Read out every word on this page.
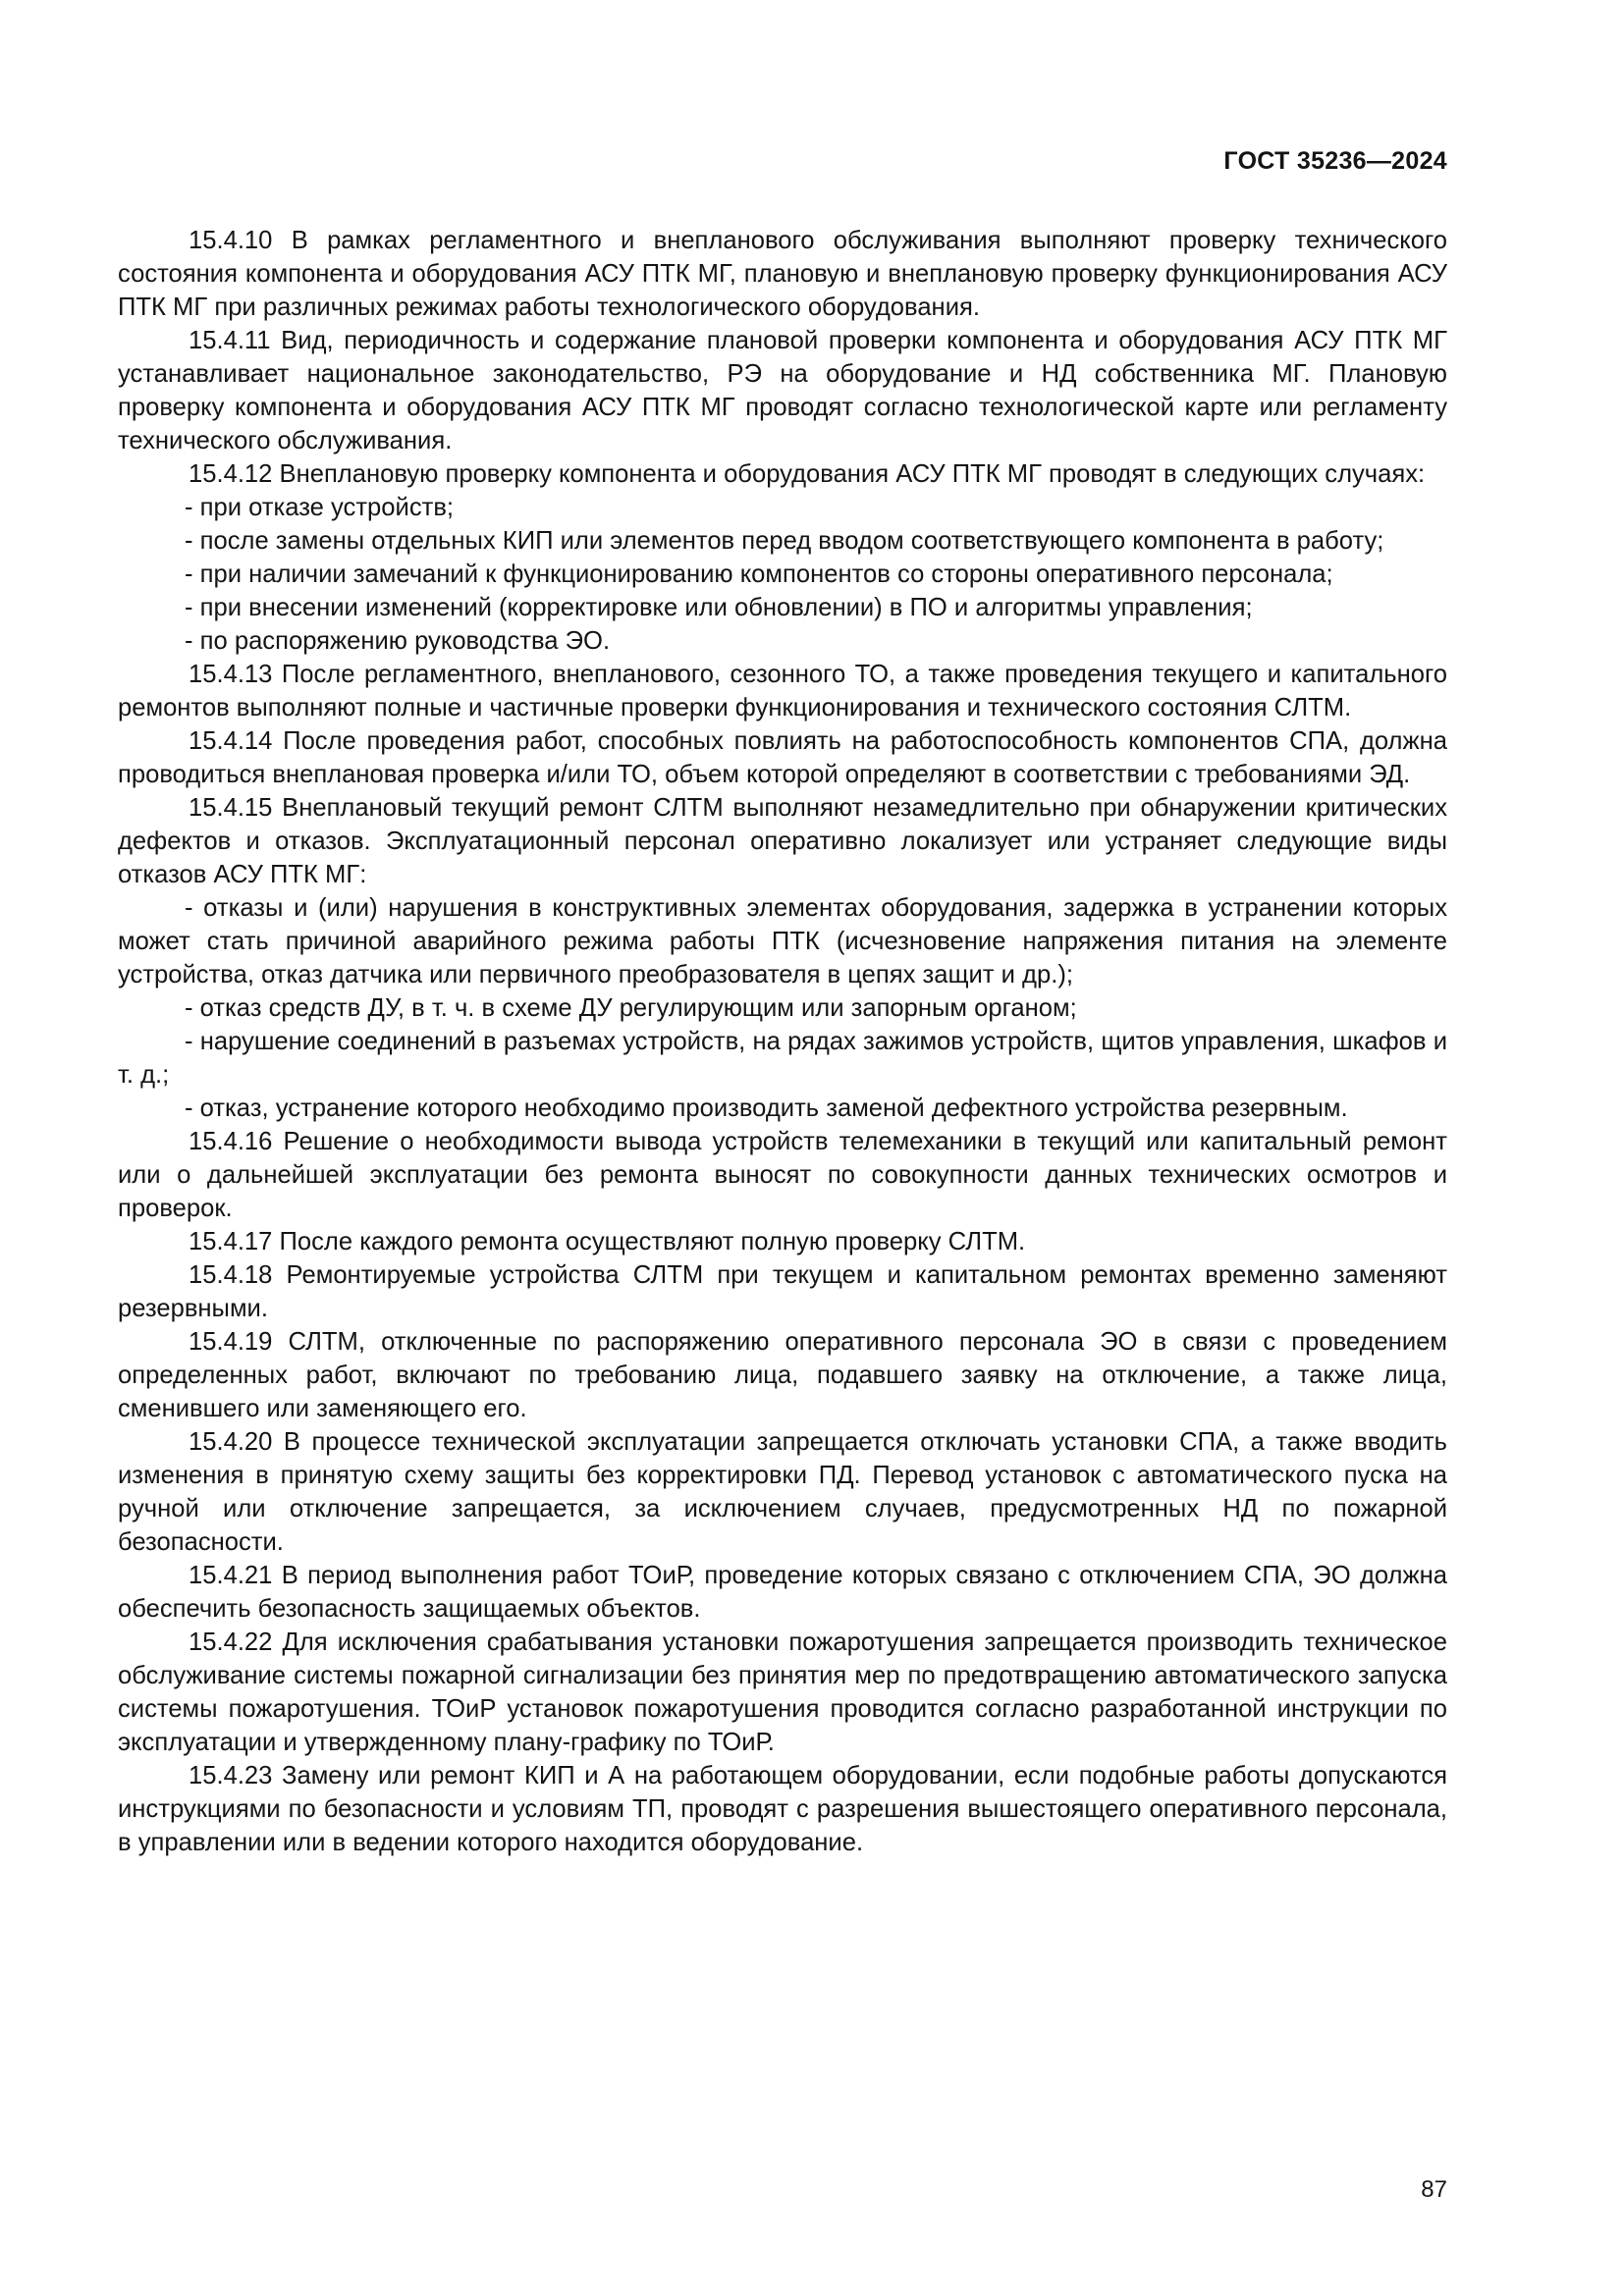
ГОСТ 35236—2024

15.4.10 В рамках регламентного и внепланового обслуживания выполняют проверку технического состояния компонента и оборудования АСУ ПТК МГ, плановую и внеплановую проверку функционирования АСУ ПТК МГ при различных режимах работы технологического оборудования.

15.4.11 Вид, периодичность и содержание плановой проверки компонента и оборудования АСУ ПТК МГ устанавливает национальное законодательство, РЭ на оборудование и НД собственника МГ. Плановую проверку компонента и оборудования АСУ ПТК МГ проводят согласно технологической карте или регламенту технического обслуживания.

15.4.12 Внеплановую проверку компонента и оборудования АСУ ПТК МГ проводят в следующих случаях:

- при отказе устройств;

- после замены отдельных КИП или элементов перед вводом соответствующего компонента в работу;

- при наличии замечаний к функционированию компонентов со стороны оперативного персонала;

- при внесении изменений (корректировке или обновлении) в ПО и алгоритмы управления;

- по распоряжению руководства ЭО.

15.4.13 После регламентного, внепланового, сезонного ТО, а также проведения текущего и капитального ремонтов выполняют полные и частичные проверки функционирования и технического состояния СЛТМ.

15.4.14 После проведения работ, способных повлиять на работоспособность компонентов СПА, должна проводиться внеплановая проверка и/или ТО, объем которой определяют в соответствии с требованиями ЭД.

15.4.15 Внеплановый текущий ремонт СЛТМ выполняют незамедлительно при обнаружении критических дефектов и отказов. Эксплуатационный персонал оперативно локализует или устраняет следующие виды отказов АСУ ПТК МГ:

- отказы и (или) нарушения в конструктивных элементах оборудования, задержка в устранении которых может стать причиной аварийного режима работы ПТК (исчезновение напряжения питания на элементе устройства, отказ датчика или первичного преобразователя в цепях защит и др.);

- отказ средств ДУ, в т. ч. в схеме ДУ регулирующим или запорным органом;

- нарушение соединений в разъемах устройств, на рядах зажимов устройств, щитов управления, шкафов и т. д.;

- отказ, устранение которого необходимо производить заменой дефектного устройства резервным.

15.4.16 Решение о необходимости вывода устройств телемеханики в текущий или капитальный ремонт или о дальнейшей эксплуатации без ремонта выносят по совокупности данных технических осмотров и проверок.

15.4.17 После каждого ремонта осуществляют полную проверку СЛТМ.

15.4.18 Ремонтируемые устройства СЛТМ при текущем и капитальном ремонтах временно заменяют резервными.

15.4.19 СЛТМ, отключенные по распоряжению оперативного персонала ЭО в связи с проведением определенных работ, включают по требованию лица, подавшего заявку на отключение, а также лица, сменившего или заменяющего его.

15.4.20 В процессе технической эксплуатации запрещается отключать установки СПА, а также вводить изменения в принятую схему защиты без корректировки ПД. Перевод установок с автоматического пуска на ручной или отключение запрещается, за исключением случаев, предусмотренных НД по пожарной безопасности.

15.4.21 В период выполнения работ ТОиР, проведение которых связано с отключением СПА, ЭО должна обеспечить безопасность защищаемых объектов.

15.4.22 Для исключения срабатывания установки пожаротушения запрещается производить техническое обслуживание системы пожарной сигнализации без принятия мер по предотвращению автоматического запуска системы пожаротушения. ТОиР установок пожаротушения проводится согласно разработанной инструкции по эксплуатации и утвержденному плану-графику по ТОиР.

15.4.23 Замену или ремонт КИП и А на работающем оборудовании, если подобные работы допускаются инструкциями по безопасности и условиям ТП, проводят с разрешения вышестоящего оперативного персонала, в управлении или в ведении которого находится оборудование.

87
